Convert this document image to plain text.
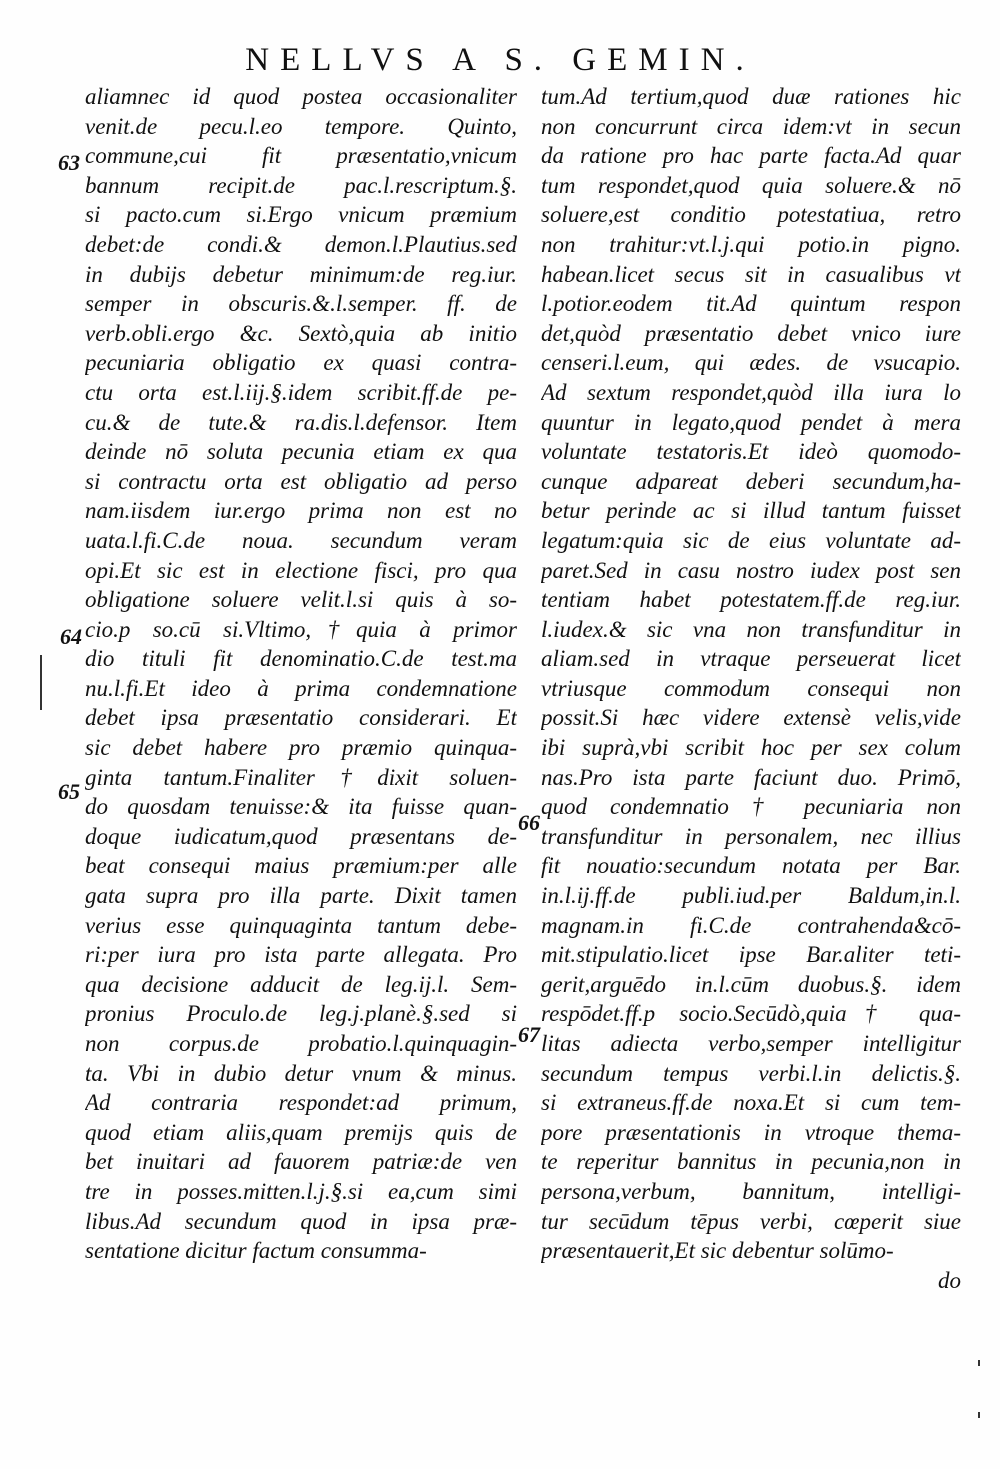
NELLVS A S. GEMIN.
aliamnec id quod postea occasionaliter
venit.de pecu.l.eo tempore. Quinto,
commune,cui fit præsentatio,vnicum
bannum recipit.de pac.l.rescriptum.§.
si pacto.cum si.Ergo vnicum præmium
debet:de condi.& demon.l.Plautius.sed
in dubijs debetur minimum:de reg.iur.
semper in obscuris.&.l.semper. ff. de
verb.obli.ergo &c. Sextò,quia ab initio
pecuniaria obligatio ex quasi contra-
ctu orta est.l.iij.§.idem scribit.ff.de pe-
cu.& de tute.& ra.dis.l.defensor. Item
deinde nō soluta pecunia etiam ex qua
si contractu orta est obligatio ad perso
nam.iisdem iur.ergo prima non est no
uata.l.fi.C.de noua. secundum veram
opi.Et sic est in electione fisci, pro qua
obligatione soluere velit.l.si quis à so-
cio.p so.cū si.Vltimo,†quia à primor
dio tituli fit denominatio.C.de test.ma
nu.l.fi.Et ideo à prima condemnatione
debet ipsa præsentatio considerari. Et
sic debet habere pro præmio quinqua-
ginta tantum.Finaliter†dixit soluen-
do quosdam tenuisse:& ita fuisse quan-
doque iudicatum,quod præsentans de-
beat consequi maius præmium:per alle
gata supra pro illa parte. Dixit tamen
verius esse quinquaginta tantum debe-
ri:per iura pro ista parte allegata. Pro
qua decisione adducit de leg.ij.l. Sem-
pronius Proculo.de leg.j.planè.§.sed si
non corpus.de probatio.l.quinquagin-
ta. Vbi in dubio detur vnum & minus.
Ad contraria respondet:ad primum,
quod etiam aliis,quam premijs quis de
bet inuitari ad fauorem patriæ:de ven
tre in posses.mitten.l.j.§.si ea,cum simi
libus.Ad secundum quod in ipsa præ-
sentatione dicitur factum consumma-
tum.Ad tertium,quod duæ rationes hic
non concurrunt circa idem:vt in secun
da ratione pro hac parte facta.Ad quar
tum respondet,quod quia soluere.& nō
soluere,est conditio potestatiua, retro
non trahitur:vt.l.j.qui potio.in pigno.
habean.licet secus sit in casualibus vt
l.potior.eodem tit.Ad quintum respon
det,quòd præsentatio debet vnico iure
censeri.l.eum, qui ædes. de vsucapio.
Ad sextum respondet,quòd illa iura lo
quuntur in legato,quod pendet à mera
voluntate testatoris.Et ideò quomodo-
cunque adpareat deberi secundum,ha-
betur perinde ac si illud tantum fuisset
legatum:quia sic de eius voluntate ad-
paret.Sed in casu nostro iudex post sen
tentiam habet potestatem.ff.de reg.iur.
l.iudex.& sic vna non transfunditur in
aliam.sed in vtraque perseuerat licet
vtriusque commodum consequi non
possit.Si hæc videre extensè velis,vide
ibi suprà,vbi scribit hoc per sex colum
nas.Pro ista parte faciunt duo. Primō,
quod condemnatio † pecuniaria non
transfunditur in personalem, nec illius
fit nouatio:secundum notata per Bar.
in.l.ij.ff.de publi.iud.per Baldum,in.l.
magnam.in fi.C.de contrahenda&cō-
mit.stipulatio.licet ipse Bar.aliter teti-
gerit,arguēdo in.l.cūm duobus.§. idem
respōdet.ff.p socio.Secūdò,quia† qua-
litas adiecta verbo,semper intelligitur
secundum tempus verbi.l.in delictis.§.
si extraneus.ff.de noxa.Et si cum tem-
pore præsentationis in vtroque thema-
te reperitur bannitus in pecunia,non in
persona,verbum, bannitum, intelligi-
tur secūdum tēpus verbi, cœperit siue
præsentauerit,Et sic debentur solūmo-
do
63
64
65
66
67
